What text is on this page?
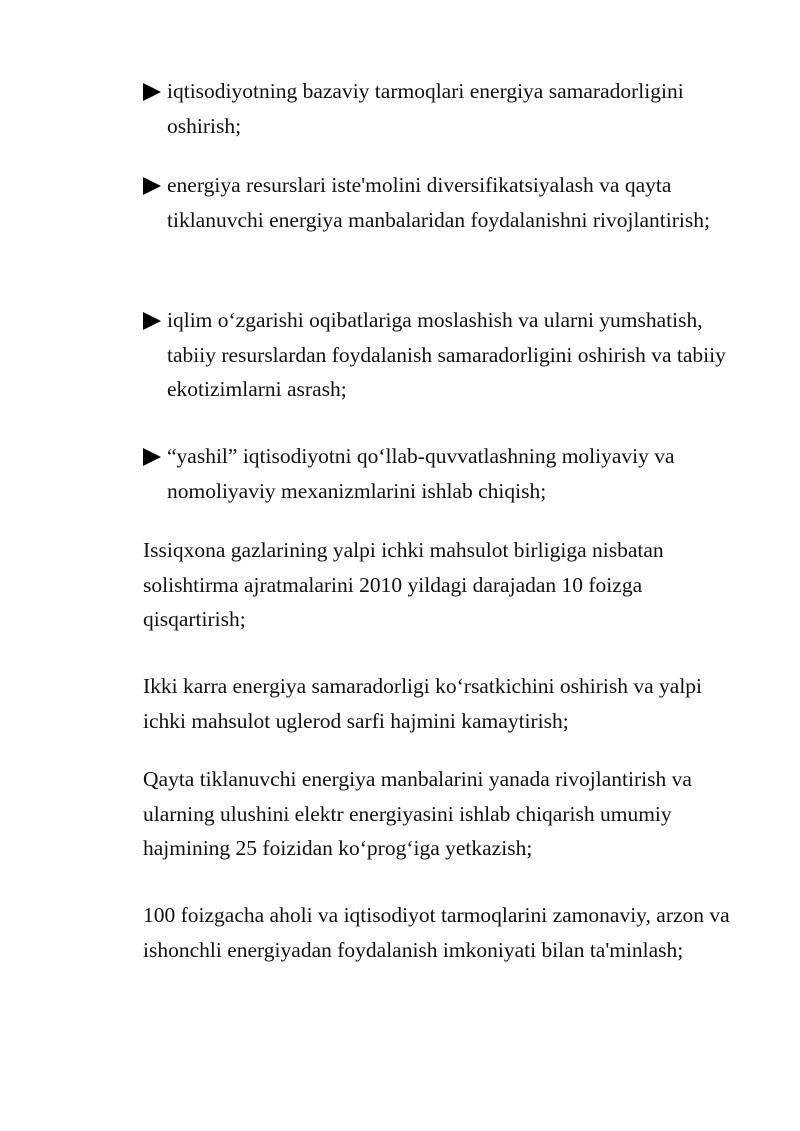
iqtisodiyotning bazaviy tarmoqlari energiya samaradorligini oshirish;
energiya resurslari iste'molini diversifikatsiyalash va qayta tiklanuvchi energiya manbalaridan foydalanishni rivojlantirish;
iqlim o‘zgarishi oqibatlariga moslashish va ularni yumshatish, tabiiy resurslardan foydalanish samaradorligini oshirish va tabiiy ekotizimlarni asrash;
“yashil” iqtisodiyotni qo‘llab-quvvatlashning moliyaviy va nomoliyaviy mexanizmlarini ishlab chiqish;
Issiqxona gazlarining yalpi ichki mahsulot birligiga nisbatan solishtirma ajratmalarini 2010 yildagi darajadan 10 foizga qisqartirish;
Ikki karra energiya samaradorligi ko‘rsatkichini oshirish va yalpi ichki mahsulot uglerod sarfi hajmini kamaytirish;
Qayta tiklanuvchi energiya manbalarini yanada rivojlantirish va ularning ulushini elektr energiyasini ishlab chiqarish umumiy hajmining 25 foizidan ko‘prog‘iga yetkazish;
100 foizgacha aholi va iqtisodiyot tarmoqlarini zamonaviy, arzon va ishonchli energiyadan foydalanish imkoniyati bilan ta'minlash;
